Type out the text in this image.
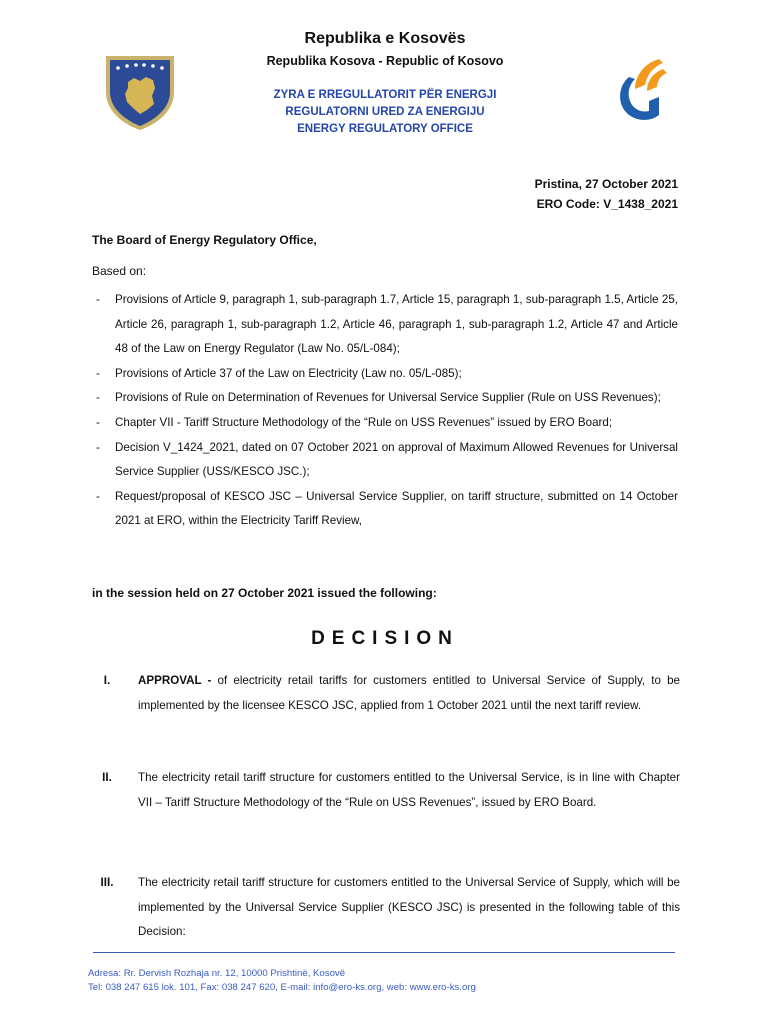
Republika e Kosovës
Republika Kosova - Republic of Kosovo
ZYRA E RREGULLATORIT PËR ENERGJI
REGULATORNI URED ZA ENERGIJU
ENERGY REGULATORY OFFICE
Pristina, 27 October 2021
ERO Code: V_1438_2021
The Board of Energy Regulatory Office,
Based on:
- Provisions of Article 9, paragraph 1, sub-paragraph 1.7, Article 15, paragraph 1, sub-paragraph 1.5, Article 25, Article 26, paragraph 1, sub-paragraph 1.2, Article 46, paragraph 1, sub-paragraph 1.2, Article 47 and Article 48 of the Law on Energy Regulator (Law No. 05/L-084);
- Provisions of Article 37 of the Law on Electricity (Law no. 05/L-085);
- Provisions of Rule on Determination of Revenues for Universal Service Supplier (Rule on USS Revenues);
- Chapter VII - Tariff Structure Methodology of the “Rule on USS Revenues” issued by ERO Board;
- Decision V_1424_2021, dated on 07 October 2021 on approval of Maximum Allowed Revenues for Universal Service Supplier (USS/KESCO JSC.);
- Request/proposal of KESCO JSC – Universal Service Supplier, on tariff structure, submitted on 14 October 2021 at ERO, within the Electricity Tariff Review,
in the session held on 27 October 2021 issued the following:
DECISION
I.	APPROVAL - of electricity retail tariffs for customers entitled to Universal Service of Supply, to be implemented by the licensee KESCO JSC, applied from 1 October 2021 until the next tariff review.
II.	The electricity retail tariff structure for customers entitled to the Universal Service, is in line with Chapter VII – Tariff Structure Methodology of the “Rule on USS Revenues”, issued by ERO Board.
III.	The electricity retail tariff structure for customers entitled to the Universal Service of Supply, which will be implemented by the Universal Service Supplier (KESCO JSC) is presented in the following table of this Decision:
Adresa: Rr. Dervish Rozhaja nr. 12, 10000 Prishtinë, Kosovë
Tel: 038 247 615 lok. 101, Fax: 038 247 620, E-mail: info@ero-ks.org, web: www.ero-ks.org
